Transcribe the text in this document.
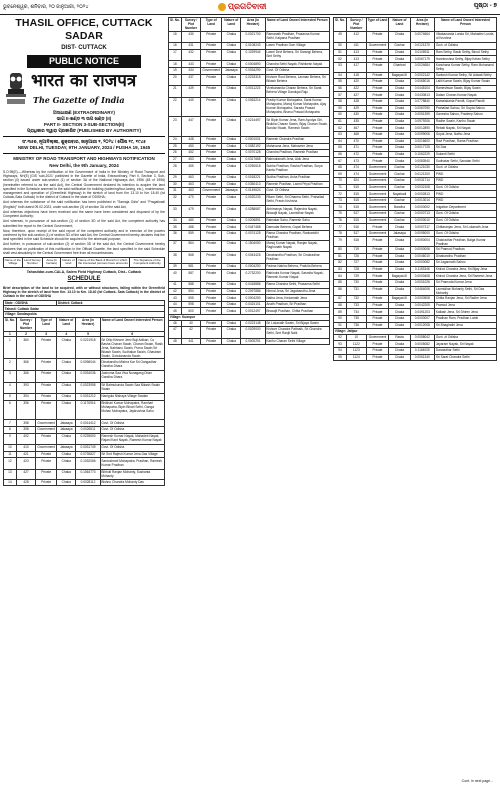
ଭୁବନେଶ୍ୱର, ଶନିବାର, ୨୦ ଜାନୁଆରୀ, ୨୦୨୪	ପ୍ରଗତିବାଦୀ	ପୃଷ୍ଠା - ୭
THASIL OFFICE, CUTTACK SADAR
DIST- CUTTACK
PUBLIC NOTICE
भारत का राजपत्र
The Gazette of India
ଅସାଧାରଣ (EXTRAORDINARY)
ଭାଗ II-ଖଣ୍ଡ ୩ ଉପ ଖଣ୍ଡ (II)
PART II- SECTION 3-SUB-SECTION(II)
ପ୍ରାଧିକାର ଦ୍ୱାରା ପ୍ରକାଶିତ (PUBLISHED BY AUTHORITY)
ସଂ.୩୫୭, ନୂଆଦିଲ୍ଲୀ, ଶୁକ୍ରବାର, ଜାନୁଆରୀ ୧, ୨୦୨୪ / ପୌଷ ୧୯, ୧୯୪୫
NEW DELHI, TUESDAY, 9TH JANUARY, 2024 / PUSHA 19, 1945
MINISTRY OF ROAD TRANSPORT AND HIGHWAYS NOTIFICATION
New Delhi, the 9th January, 2024

S.O.95(E).—Whereas by the notification of the Government of India in the Ministry of Road Transport and Highways, NH(E) [GIS 'sub-2021' published in the Gazette of India, Extraordinary, Part II, Section 3, Sub-section (ii) issued under sub-section (1) of section 3A of the National Highways Act, 1956 (48 of 1956) (hereinafter referred to as the said Act), the Central Government declared its intention to acquire the land specified in the Schedule annexed to the said notification for building (widening/four-laning, etc.), maintenance, management and operation of (Greenfield Highway) in the stretch of land from Km 13.10 to Km 18.40 (Ist Cuttack-Sata Cuttack) in the district of Cuttack in the state of ODISHA;

And whereas the substance of the said notification has been published in "Samaja Odia" and "Pragativadi (English)" both dated 09.02.2023, under sub-section (3) of section 3A of the said Act;

And whereas objections have been received and the same have been considered and disposed of by the Competent Authority;

And whereas, in pursuance of sub-section (1) of section 3D of the said Act, the competent authority has submitted the report to the Central Government;

Now, therefore, upon receipt of the said report of the competent authority and in exercise of the powers conferred by the sub-section (1) of section 3D of the said Act, the Central Government hereby declares that the land specified in the said Schedule should be acquired for the aforesaid purpose;

And further, in pursuance of sub-section (2) of section 3D of the said Act, the Central Government hereby declares that on publication of this notification in the Official Gazette, the land specified in the said Schedule shall vest absolutely in the Central Government free from all encumbrances.

Name of the Village	Land Survey Number	Area (in hectare)	Nature of land	Name of the Bank & Branch in which the interested persons have accounts	The Signature of the Competent Authority
Tahasildar-cum-CALA, Salem Field Highway Cuttack, Dist.- Cuttack
SCHEDULE

Brief description of the land to be acquired, with or without structures, falling within the Greenfield Highway in the stretch of land from Km. 13.10 to Km. 18.40 (Ist Cuttack- Sata Cuttack) in the district of Cuttack in the state of ODISHA

State : ODISHA			District: Cuttack		
Tahasil: Cuttack Sadar					
Village: Sandavpokia					
Sl. No.	Survey / Plot Number	Type of Land	Nature of Land	Area (in Hectare)	Name of Land Owner/ Interested Person
1	2	3	4	5	6
1	360	Private	Chaka	0.0221918	Sri Dilip Kishore Jeev Buji Adikari, Co Basha Charan Swain, Charan Swain, Rasik Jena, Nabhanu Swain, Purna Swain Sri Bikash Swain, Sudhakar Swain, Ghasiram Swain, Gokulananda Swain
2	366	Private	Chaka	0.0096044	Dinabandhu Mishra Kar Sri Gangadhar Gandha Dhara
3	366	Private	Chaka	0.0034036	Jashoma Saa Viva Nonagang Dhan Gandha Dhara
4	393	Private	Chaka	0.0023958	Sri Balmukunda Swain Saa Bikash Swain Swain
5	394	Private	Chaka	0.0031212	Nanigula Nishaya Village Swalan
6	396	Private	Chaka	0.1176916	Bhikhari Kumar Mohapatra, Ramhari Mohapatra, Bipin Bihari Sethi, Ganga Mohan Mohapatra, Jaykrushna Sahu
7	398	Government	Jalasaya	0.0014412	Govt. Of Odisha
8	398	Government	Jalasaya	0.0026511	Govt. Of Odisha
9	402	Private	Chaka	0.0239600	Ramesh Kumar Nayak, Mahadeb Nayak, Rajani Kant Nayak, Ramesh Kumar Nayak
10	410	Government	Jalasaya	0.0031749	Govt. Of Odisha
11	421	Private	Chaka	0.0735827	Sri Smt Rajesh Kumar Jena Das Village
12	423	Private	Chaka	0.1032066	Santoshrani Mohapatra, Pradhan, Ramesh Kumar Pradhan
13	427	Private	Chaka	0.1064773	Bibhuti Ranjan Mohanty, Sushanta Mohanty
14	428	Private	Chaka	0.0028112	Bishnu Chandra Mohanty Das
Sl. No.	Survey / Plot Number	Type of Land	Nature of Land	Area (in Hectare)	Name of Land Owner/ Interested Person
15	430	Private	Chaka	0.0021700	Ramanath Pradhan, Prasanna Kumar Sethi, Kalpana Pradhan
16	431	Private	Chaka	0.0108243	Laxmi Pradhan Own Village
17	432	Private	Chaka	0.1029944	Laxmi Devi Behera, Sri Sarangi Behera, Smt Sethy
18	433	Private	Chaka	0.0004890	Chandra Sethi Nayak, Rishikesh Nayak
19	434	Government	Jalasaya	0.0034290	Govt. Of Odisha
20	437	Private	Chaka	0.0233318	Kishore Rout Behera, Laxman Behera, Sri Bikash Behera
21	439	Private	Chaka	0.0011223	Vivekananda Charan Behera, Sri Sarat Behera Village Dandujai Raju
22	440	Private	Chaka	0.0063214	Pradip Kumar Mohapatra, Sarat Kumar Mohapatra, Manoj Kumar Mohapatra, Ajay Kumar Mohapatra, Sarada Prasad Mohapatra, Bhanu Prasad Mohapatra
23	447	Private	Chaka	0.0214497	Sri Bipin Kumar Jena, Ram Ayodya Giri, Bisikha Charan Swain, Bijay Charan Swain, Sundar Swain, Ramesh Swain
24	448	Private	Chaka	0.0001001	Ramesh Chandra Pradhan
25	450	Private	Chaka	0.0082192	Mahavana Jena, Mahaveer Jena
26	452	Private	Chaka	0.0070128	Chandra Pradhan, Ramesh Pradhan
27	453	Private	Chaka	0.0317665	Rabindranath Jena, Alok Jena
28	455	Private	Chaka	0.0250618	Subha Pradhan, Rasha Pradhan, Surya Kanta Pradhan
29	463	Private	Chaka	0.0018221	Sudha Pradhan, Asha Pradhan
30	463	Private	Chaka	0.0350413	Ramesh Pradhan, Laxmi Priya Pradhan
31	463	Government	Jalasaya	0.0149624	Govt. Of Odisha
32	470	Private	Chaka	0.0020233	Ritam Sethi, Sri Dharma Sethi, Prahallad Sethi, Pravin Kruhsna
33	479	Private	Chaka	0.0288687	Abhimanyu Nayak, Rajendra Nayak, Biswajit Nayak, Laxmidhar Nayak
34	480	Private	Chaka	0.0206891	Ratnakar Sahu, Ramesh Sahu
35	488	Private	Chaka	0.0447468	Damodar Behera, Gopal Behera
36	559	Private	Chaka	0.0074125	Rama Chandra Pradhan, Rankanidhi Pradhan
37	564	Private	Chaka	0.1504050	Manoj Kumar Nayak, Ranjan Nayak, Raghunath Nayak
38	568	Private	Chaka	0.0043426	Dinabandhu Pradhan, Sri Chakradhar Pradhan
39	581	Private	Chaka	0.0004250	Padma Nabha Behera, Prafulla Behera
40	587	Private	Chaka	0.2732200	Rabindra Kumar Nayak, Sasmita Nayak, Ramesh Kumar Nayak
41	588	Private	Chaka	0.0418886	Rama Chandra Sethi, Prasanna Sethi
42	594	Private	Chaka	0.2097886	Nirmal Jena, Sri Jagabandhu Jena
43	595	Private	Chaka	0.0004250	Natha Jena, Kedarnath Jena
44	598	Private	Chaka	0.0424101	Anath Pradhan, Sri Pradhan
45	600	Private	Chaka	0.0012497	Biswajit Pradhan, Chitta Pradhan
Village: Kuanpur					
46	40	Private	Chaka	0.0223148	Sri Lokanath Swain, Sri Bijaya Swain
47	42	Private	Chaka	0.0029000	Kishore Chandra Pattnaik, Sri Chandra Sethi, Smt Ranjit Naik
48	441	Private	Chaka	0.0000291	Kanhu Charan Sethi Village
Sl. No.	Survey / Plot Number	Type of Land	Nature of Land	Area (in Hectare)	Name of Land Owner/ Interested Person
49	412	Private	Chaka	0.0074664	Vikakananda Lunda Sri, Mahadev Lunda of Krushna
50	411	Government	Gochar	0.0121370	Govt. of Odisha
51	413	Private	Chaka	0.0108911	Ram Sethy, Rasik Sethy, Binod Sethy
52	413	Private	Chaka	0.0067179	Harekrushna Sethy, Bijay Ketan Sethy
53	417	Private	Gharbari	0.0024684	Kanchana Kumar Sethy, Ram Mohanand Sethy
54	418	Private	Bagayat-III	0.0002142	Santosh Kumar Sethy, Sri Adwait Sethy
55	420	Private	Chaka	0.0065016	Lalit Kumar Swain, Bijay Kumar Swain
56	422	Private	Chaka	0.0445104	Rameshwar Swain, Bijay Swain
57	427	Private	Chaka	0.0430813	Dalam Charan Kumar Nayak
58	428	Private	Chaka	0.0778840	Kamalakanta Pandit, Gopal Pandit
59	429	Private	Chaka	0.0067090	Prahallad Sahoo, Sri Gupta Sahoo
60	430	Private	Chaka	0.0051399	Ganesha Sahoo, Pradeep Sahoo
61	435	Private	Chaka	0.0979206	Radhe Swain, Kanhu Swain
62	467	Private	Chaka	0.0012890	Rebati Nayak, Sri Nayak
63	468	Private	Chaka	0.0099006	Gopal Jena, Nathu Jena
64	470	Private	Chaka	0.0016600	Ravi Pradhan, Rama Pradhan
65	471	Private	Chaka	0.0017725	Sri Das
66	472	Private	Chaka	0.1062229	Sukanti Sethi
67	473	Private	Chaka	0.0083940	Sudhakar Sethi, Sanatan Sethi
68	474	Government	Gochar	0.0121030	Govt. of Odisha
69	474	Government	Gochar	0.0121200	PWD
70	524	Government	Gochar	0.0031714	PWD
71	515	Government	Gochar	0.0032108	Govt. Of Odisha
72	515	Government	Nayabadi	0.0002813	PWD
73	515	Government	Gochar	0.0013014	PWD
74	515	Government	Bandha	0.0000002	Irrigation Department
75	517	Government	Gochar	0.0000713	Govt. Of Odisha
76	515	Government	Gochar	0.0000010	Govt. Of Odisha
77	516	Private	Chaka	0.0007217	Chittaranjan Jena, Sri Lokanath Jena
78	517	Government	Jalasaya	0.0095000	Govt. Of Odisha
79	518	Private	Chaka	0.0050004	Chakradhar Pradhan, Baiga Kumar Pradhan
80	719	Private	Chaka	0.0000006	Sri Pramod Pradhan
81	726	Private	Chaka	0.0046010	Dinabandhu Pradhan
82	727	Private	Chaka	0.0000082	Sri Jagannath Sahoo
83	728	Private	Chaka	0.1153346	Khirod Chandra Jena, Sri Bijay Jena
84	729	Private	Bagayat-III	0.0000408	Khirod Chandra Jena, Sri Ramesh Jena
85	730	Private	Chaka	0.0001026	Sri Pramoda Kumar Jena
86	731	Private	Chaka	0.0464006	Laxmidhar Mohanty Sethi, Sri Das Mohanty
87	732	Private	Bagayat-III	0.0000508	Chitta Ranjan Jena, Sri Radhe Jena
88	733	Private	Chaka	0.0042205	Pramod Jena
89	734	Private	Chaka	0.0491203	Kailash Jena, Sri Dhiren Jena
90	735	Private	Chaka	0.0000007	Pradhan Ram, Pradhan Lamb
91	736	Private	Chaka	0.0012008	Sri Bhagirathi Jena
Village: Jatipur					
92	10	Government	Rasta	0.0058042	Govt. of Odisha
93	1122	Private	Chaka	0.0005082	Jayaram Nayak, Sri Nayak
94	1123	Private	Chaka	0.1164005	Dandadhar Sethi
95	1124	Private	Chaka	0.0061340	Sri Sarat Chandra Sethi
Cont. in next page...
